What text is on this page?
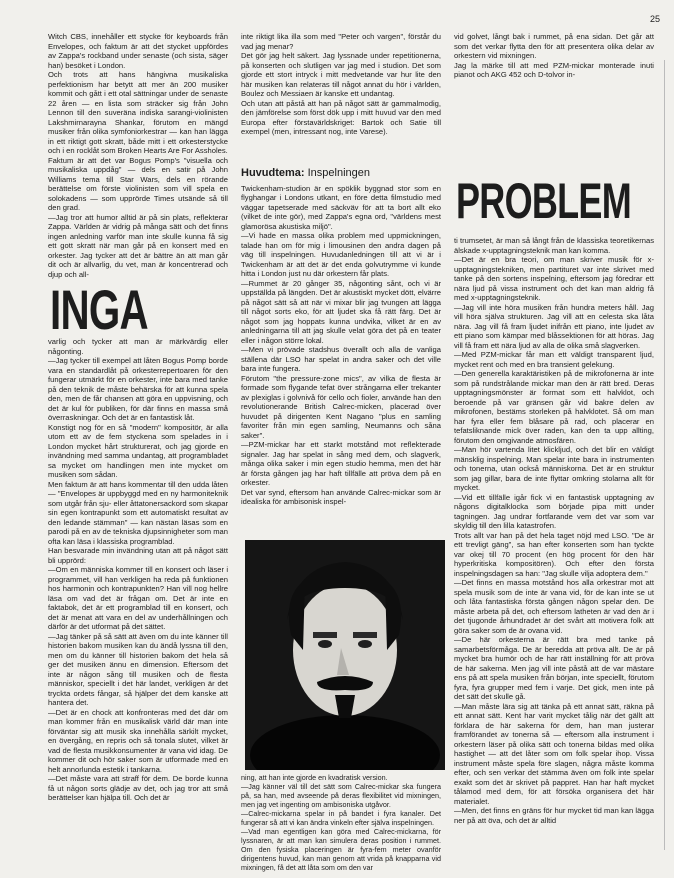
25

Witch CBS, innehåller ett stycke för keyboards från Envelopes, och faktum är att det stycket uppfördes av Zappa's rockband under senaste (och sista, säger han) besöket i London.

Och trots att hans hängivna musikaliska perfektionism har betytt att mer än 200 musiker kommit och gått i ett otal sättningar under de senaste 22 åren — en lista som sträcker sig från John Lennon till den suveräna indiska sarangi-violinisten Lakshmirnarayna Shankar, förutom en mängd musiker från olika symfoniorkestrar — kan han lägga in ett riktigt gott skratt, både mitt i ett orkesterstycke och i en rocklåt som Broken Hearts Are For Assholes.

Faktum är att det var Bogus Pomp's "visuella och musikaliska uppdåg" — dels en satir på John Williams tema till Star Wars, dels en rörande berättelse om förste violinisten som vill spela en solokadens — som upprörde Times utsände så till den grad.

—Jag tror att humor alltid är på sin plats, reflekterar Zappa. Världen är vidrig på många sätt och det finns ingen anledning varför man inte skulle kunna få sig ett gott skratt när man går på en konsert med en orkester. Jag tycker att det är bättre än att man går dit och är allvarlig, du vet, man är koncentrerad och djup och all-

INGA

varlig och tycker att man är märkvärdig eller någonting.

—Jag tycker till exempel att låten Bogus Pomp borde vara en standardlåt på orkesterrepertoaren för den fungerar utmärkt för en orkester, inte bara med tanke på den teknik de måste behärska för att kunna spela den, men de får chansen att göra en uppvisning, och det är kul för publiken, för där finns en massa små överraskningar. Och det är en fantastisk låt.

Konstigt nog för en så "modern" kompositör, är alla utom ett av de fem styckena som spelades in i London mycket hårt strukturerat, och jag gjorde en invändning med samma undantag, att programbladet sa mycket om handlingen men inte mycket om musiken som sådan.

Men faktum är att hans kommentar till den udda låten — "Envelopes är uppbyggd med en ny harmoniteknik som utgår från sju- eller åttatonersackord som skapar sin egen kontrapunkt som ett automatiskt resultat av den ledande stämman" — kan nästan läsas som en parodi på en av de tekniska djupsinnigheter som man ofta kan läsa i klassiska programblad.

Han besvarade min invändning utan att på något sätt bli upprörd:

—Om en människa kommer till en konsert och läser i programmet, vill han verkligen ha reda på funktionen hos harmonin och kontrapunkten? Han vill nog hellre läsa om vad det är frågan om. Det är inte en faktabok, det är ett programblad till en konsert, och det är menat att vara en del av underhållningen och därför är det utformat på det sättet.

—Jag tänker på så sätt att även om du inte känner till historien bakom musiken kan du ändå lyssna till den, men om du känner till historien bakom det hela så ger det musiken ännu en dimension. Eftersom det inte är någon sång till musiken och de flesta människor, speciellt i det här landet, verkligen är det tryckta ordets fångar, så hjälper det dem kanske att hantera det.

—Det är en chock att konfronteras med det där om man kommer från en musikalisk värld där man inte förväntar sig att musik ska innehålla särkilt mycket, en övergång, en repris och så tonala slutet, vilket är vad de flesta musikkonsumenter är vana vid idag. De kommer dit och hör saker som är utformade med en helt annorlunda estetik i tankarna.

—Det måste vara att straff för dem. De borde kunna få ut någon sorts glädje av det, och jag tror att små berättelser kan hjälpa till. Och det är

inte riktigt lika illa som med "Peter och vargen", förstår du vad jag menar?

Det gör jag helt säkert. Jag lyssnade under repetitionerna, på konserten och slutligen var jag med i studion. Det som gjorde ett stort intryck i mitt medvetande var hur lite den här musiken kan relateras till något annat du hör i världen, Boulez och Messiaen är kanske ett undantag.

Och utan att påstå att han på något sätt är gammalmodig, den jämförelse som först dök upp i mitt huvud var den med Europa efter förstavärldskriget: Bartok och Satie till exempel (men, intressant nog, inte Varese).

Huvudtema: Inspelningen

Twickenham-studion är en spöklik byggnad stor som en flyghangar i Londons utkant, en före detta filmstudio med väggar tapetserade med säckväv för att ta bort allt eko (vilket de inte gör), med Zappa's egna ord, "världens mest glamorösa akustiska miljö".

—Vi hade en massa olika problem med uppmickningen, talade han om för mig i limousinen den andra dagen på väg till inspelningen. Huvudanledningen till att vi är i Twickenham är att det är det enda golvutrymme vi kunde hitta i London just nu där orkestern får plats.

—Rummet är 20 gånger 35, någonting sånt, och vi är uppställda på längden. Det är akustiskt mycket dött, elvärre på något sätt så att när vi mixar blir jag tvungen att lägga till något sorts eko, för att ljudet ska få rätt färg. Det är något som jag hoppats kunna undvika, vilket är en av anledningarna till att jag skulle velat göra det på en teater eller i någon större lokal.

—Men vi prövade stadshus överallt och alla de vanliga ställena där LSO har spelat in andra saker och det ville bara inte fungera.

Förutom "the pressure-zone mics", av vilka de flesta är formade som flygande tefat över strångarna eller trekanter av plexiglas i golvnivå för cello och fioler, använde han den revolutionerande British Calrec-micken, placerad över huvudet på dirigenten Kent Nagano "plus en samling favoriter från min egen samling, Neumanns och såna saker".

—PZM-mickar har ett starkt motstånd mot reflekterade signaler. Jag har spelat in sång med dem, och slagverk, många olika saker i min egen studio hemma, men det här är första gången jag har haft tillfälle att pröva dem på en orkester.

Det var synd, eftersom han använde Calrec-mickar som är idealiska för ambisonisk inspel-

ning, att han inte gjorde en kvadratisk version.

—Jag känner väl till det sätt som Calrec-mickar ska fungera på, sa han, med avseende på deras flexibilitet vid mixningen, men jag vet ingenting om ambisoniska utgåvor.

—Calrec-mickarna spelar in på bandet i fyra kanaler. Det fungerar så att vi kan ändra vinkeln efter själva inspelningen.

—Vad man egentligen kan göra med Calrec-mickarna, för lyssnaren, är att man kan simulera deras position i rummet. Om den fysiska placeringen är fyra-fem meter ovanför dirigentens huvud, kan man genom att vrida på knapparna vid mixningen, få det att låta som om den var

vid golvet, långt bak i rummet, på ena sidan. Det går att som det verkar flytta den för att presentera olika delar av orkestern vid mixningen.

Jag la märke till att med PZM-mickar monterade inuti pianot och AKG 452 och D-tolvor in-

PROBLEM

ti trumsetet, är man så långt från de klassiska teoretikernas älskade x-upptagningsteknik man kan komma.

—Det är en bra teori, om man skriver musik för x-upptagningstekniken, men partituret var inte skrivet med tanke på den sortens inspelning, eftersom jag föredrar ett nära ljud på vissa instrument och det kan man aldrig få med x-upptagningsteknik.

—Jag vill inte höra musiken från hundra meters håll. Jag vill höra själva strukturen. Jag vill att en celesta ska låta nära. Jag vill få fram ljudet inifrån ett piano, inte ljudet av ett piano som kämpar med blåssektionen för att höras. Jag vill få fram ett nära ljud av alla de olika små slagverken.

—Med PZM-mickar får man ett väldigt transparent ljud, mycket rent och med en bra transient gelekung.

—Den generella karaktäristiken på de mikrofonerna är inte som på rundstrålande mickar man den är rätt bred. Deras upptagningsmönster är format som ett halvklot, och beroende på var gränsen går vid bakre delen av mikrofonen, bestäms storleken på halvklotet. Så om man har fyra eller fem blåsare på rad, och placerar en tefatsliknande mick över raden, kan den ta upp allting, förutom den omgivande atmosfären.

—Man hör vartenda litet klickljud, och det blir en väldigt mänsklig inspelning. Man spelar inte bara in instrumenten och tonerna, utan också människorna. Det är en struktur som jag gillar, bara de inte flyttar omkring stolarna allt för mycket.

—Vid ett tillfälle igår fick vi en fantastisk upptagning av någons digitalklocka som började pipa mitt under tagningen. Jag undrar fortfarande vem det var som var skyldig till den lilla katastrofen.

Trots allt var han på det hela taget nöjd med LSO. "De är ett trevligt gäng", sa han efter konserten som han tyckte var okej till 70 procent (en hög procent för den här hyperkritiska kompositören). Och efter den första inspelningsdagen sa han: "Jag skulle vilja adoptera dem."

—Det finns en massa motstånd hos alla orkestrar mot att spela musik som de inte är vana vid, för de kan inte se ut och låta fantastiska första gången någon spelar den. De måste arbeta på det, och eftersom latheten är vad den är i det tjugonde århundradet är det svårt att motivera folk att göra saker som de är ovana vid.

—De här orkesterna är rätt bra med tanke på samarbetsförmåga. De är beredda att pröva allt. De är på mycket bra humör och de har rätt inställning för att pröva de här sakerna. Men jag vill inte påstå att de var mästare ens på att spela musiken från början, inte speciellt, förutom fyra, fyra grupper med fem i varje. Det gick, men inte på det sätt det skulle gå.

—Man måste lära sig att tänka på ett annat sätt, räkna på ett annat sätt. Kent har varit mycket tålig när det gällt att förklara de här sakerna för dem, han man justerar framförandet av tonerna så — eftersom alla instrument i orkestern läser på olika sätt och tonerna bildas med olika hastighet — att det låter som om folk spelar ihop. Vissa instrument måste spela före slagen, några måste komma efter, och sen verkar det stämma även om folk inte spelar exakt som det är skrivet på pappret. Han har haft mycket tålamod med dem, för att försöka organisera det här materialet.

—Men, det finns en gräns för hur mycket tid man kan lägga ner på att öva, och det är alltid
